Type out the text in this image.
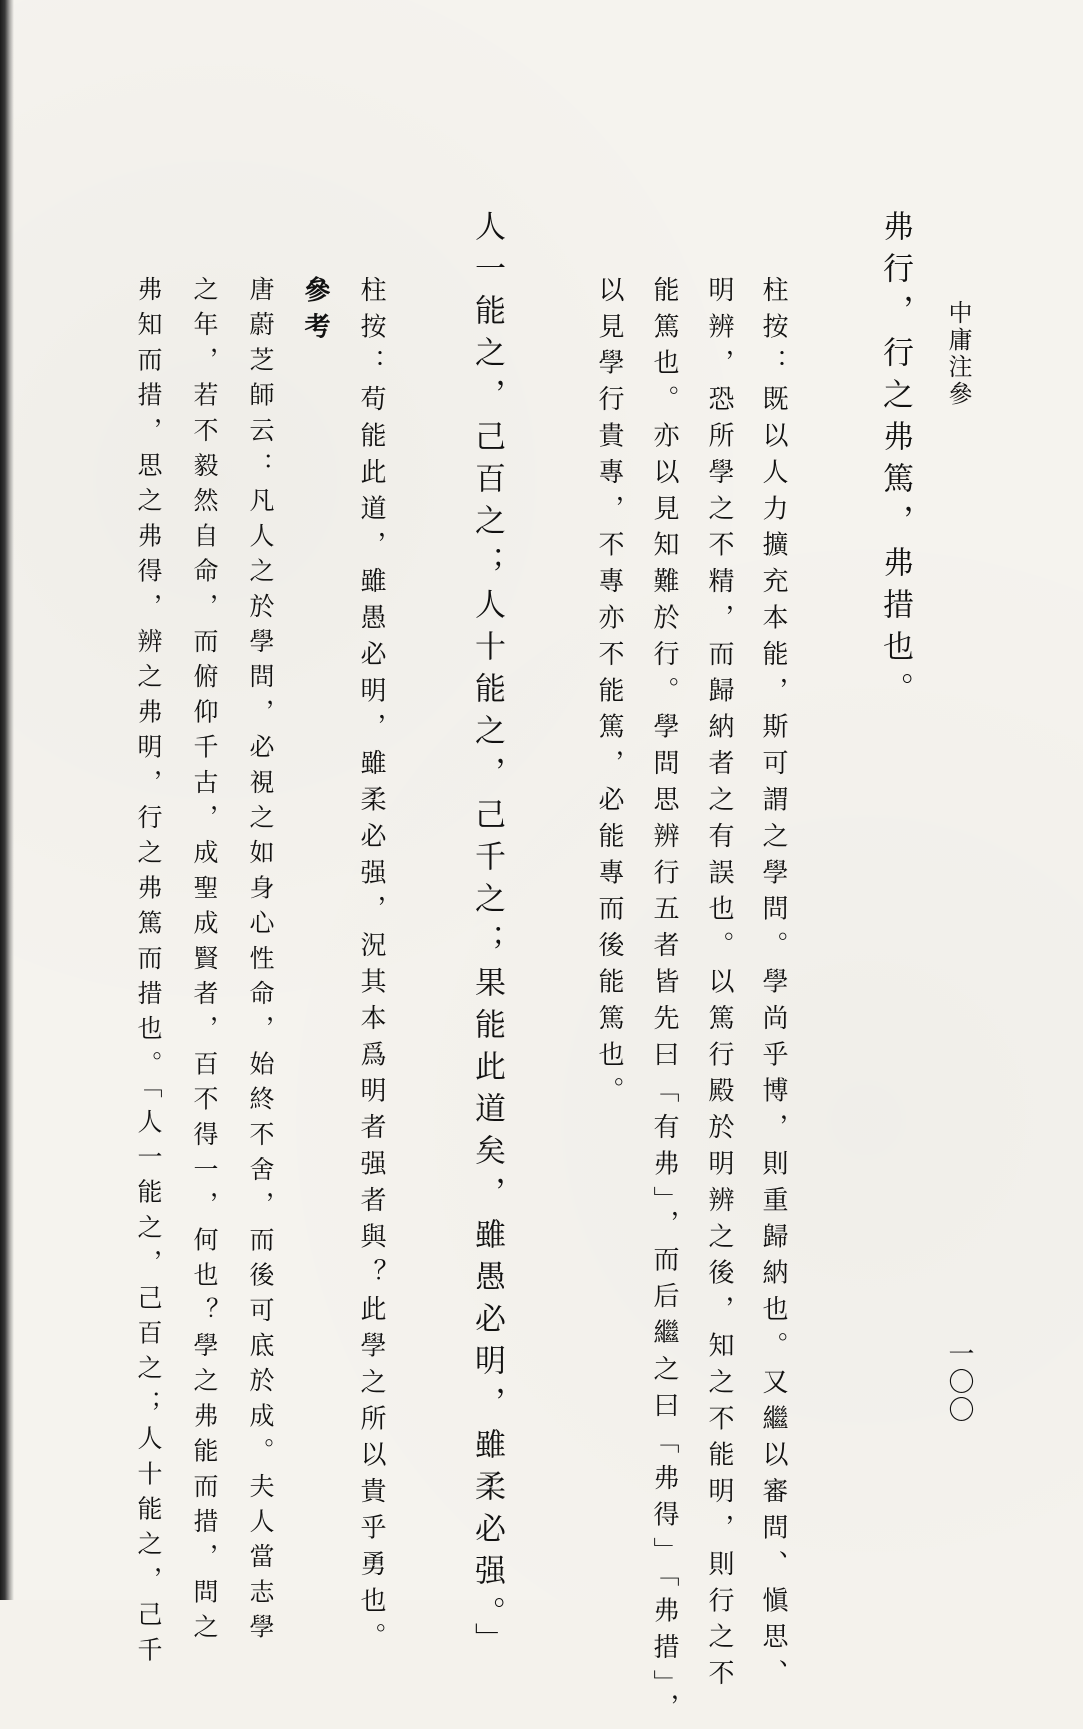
中庸注參
一〇〇
弗行，行之弗篤，弗措也。
柱按：既以人力擴充本能，斯可謂之學問。學尚乎博，則重歸納也。又繼以審問、愼思、
明辨，恐所學之不精，而歸納者之有誤也。以篤行殿於明辨之後，知之不能明，則行之不
能篤也。亦以見知難於行。學問思辨行五者皆先曰「有弗」，而后繼之曰「弗得」「弗措」，
以見學行貴專，不專亦不能篤，必能專而後能篤也。
人一能之，己百之；人十能之，己千之；果能此道矣，雖愚必明，雖柔必强。」
柱按：苟能此道，雖愚必明，雖柔必强，況其本爲明者强者與？此學之所以貴乎勇也。
參考
唐蔚芝師云：凡人之於學問，必視之如身心性命，始終不舍，而後可底於成。夫人當志學
之年，若不毅然自命，而俯仰千古，成聖成賢者，百不得一，何也？學之弗能而措，問之
弗知而措，思之弗得，辨之弗明，行之弗篤而措也。「人一能之，己百之；人十能之，己千
